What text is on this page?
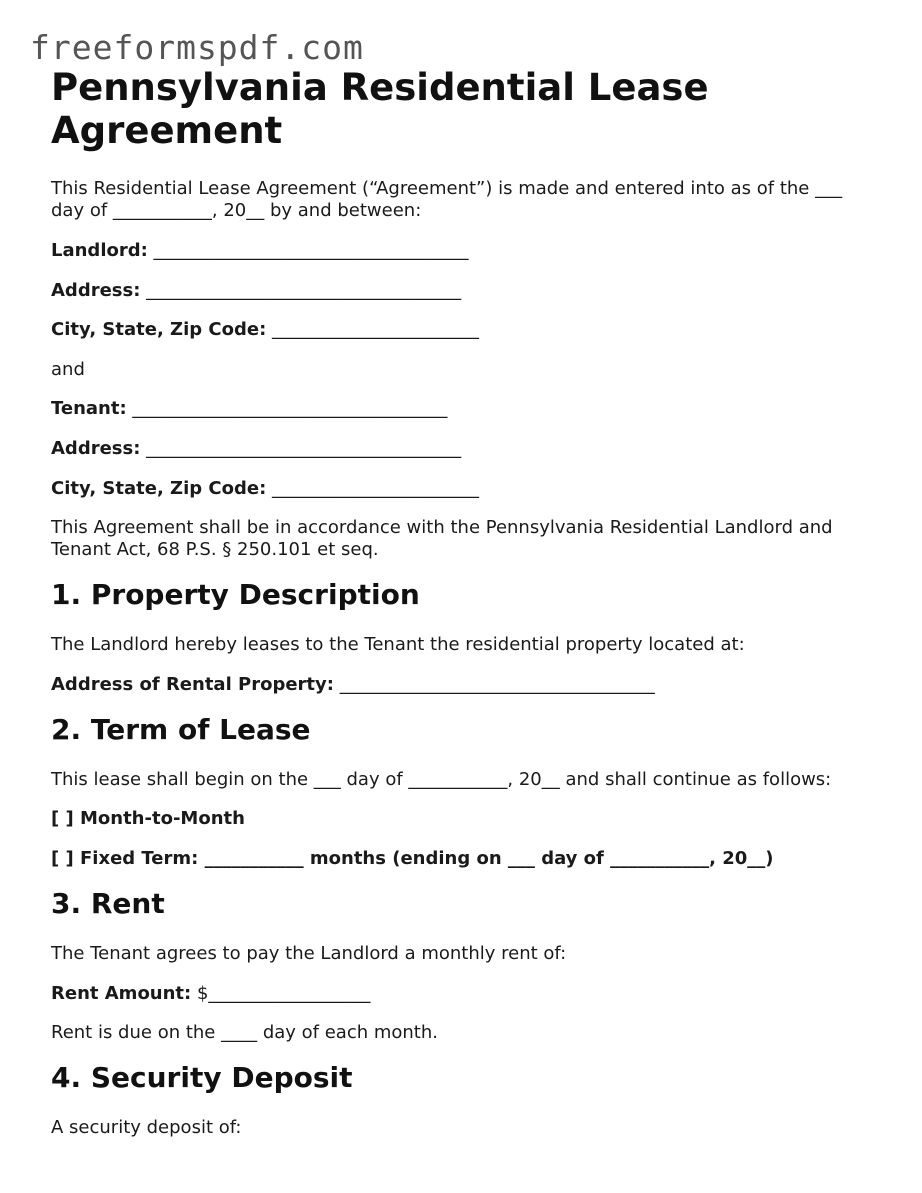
freeformspdf.com
Pennsylvania Residential Lease Agreement

This Residential Lease Agreement (“Agreement”) is made and entered into as of the ___ day of ___________, 20__ by and between:

Landlord: ___________________________________
Address: ___________________________________
City, State, Zip Code: _______________________
and
Tenant: ___________________________________
Address: ___________________________________
City, State, Zip Code: _______________________

This Agreement shall be in accordance with the Pennsylvania Residential Landlord and Tenant Act, 68 P.S. § 250.101 et seq.

1. Property Description
The Landlord hereby leases to the Tenant the residential property located at:
Address of Rental Property: ___________________________________
2. Term of Lease
This lease shall begin on the ___ day of ___________, 20__ and shall continue as follows:
[ ] Month-to-Month
[ ] Fixed Term: ___________ months (ending on ___ day of ___________, 20__)
3. Rent
The Tenant agrees to pay the Landlord a monthly rent of:
Rent Amount: $__________________
Rent is due on the ____ day of each month.
4. Security Deposit
A security deposit of:
